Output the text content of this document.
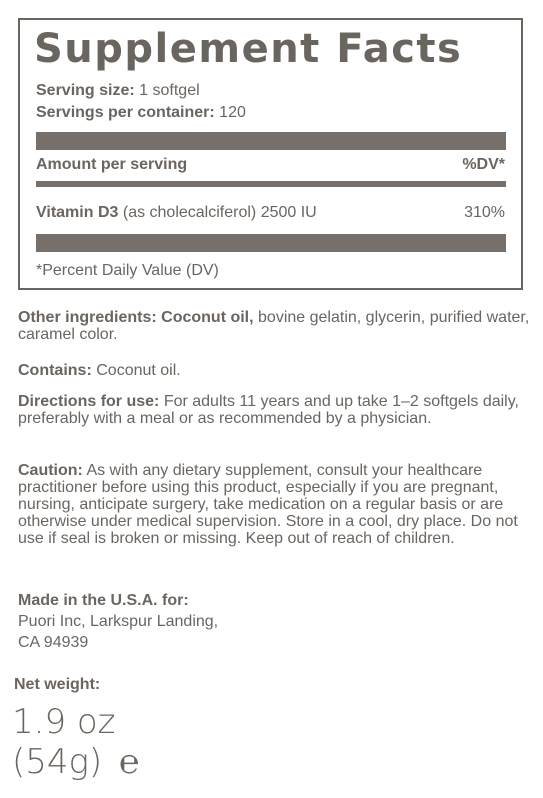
Supplement Facts
Serving size: 1 softgel
Servings per container: 120
Amount per serving	%DV*
Vitamin D3 (as cholecalciferol) 2500 IU	310%
*Percent Daily Value (DV)
Other ingredients: Coconut oil, bovine gelatin, glycerin, purified water, caramel color.
Contains: Coconut oil.
Directions for use: For adults 11 years and up take 1–2 softgels daily, preferably with a meal or as recommended by a physician.
Caution: As with any dietary supplement, consult your healthcare practitioner before using this product, especially if you are pregnant, nursing, anticipate surgery, take medication on a regular basis or are otherwise under medical supervision. Store in a cool, dry place. Do not use if seal is broken or missing. Keep out of reach of children.
Made in the U.S.A. for:
Puori Inc, Larkspur Landing,
CA 94939
Net weight:
1.9 oz
(54g) ℮
